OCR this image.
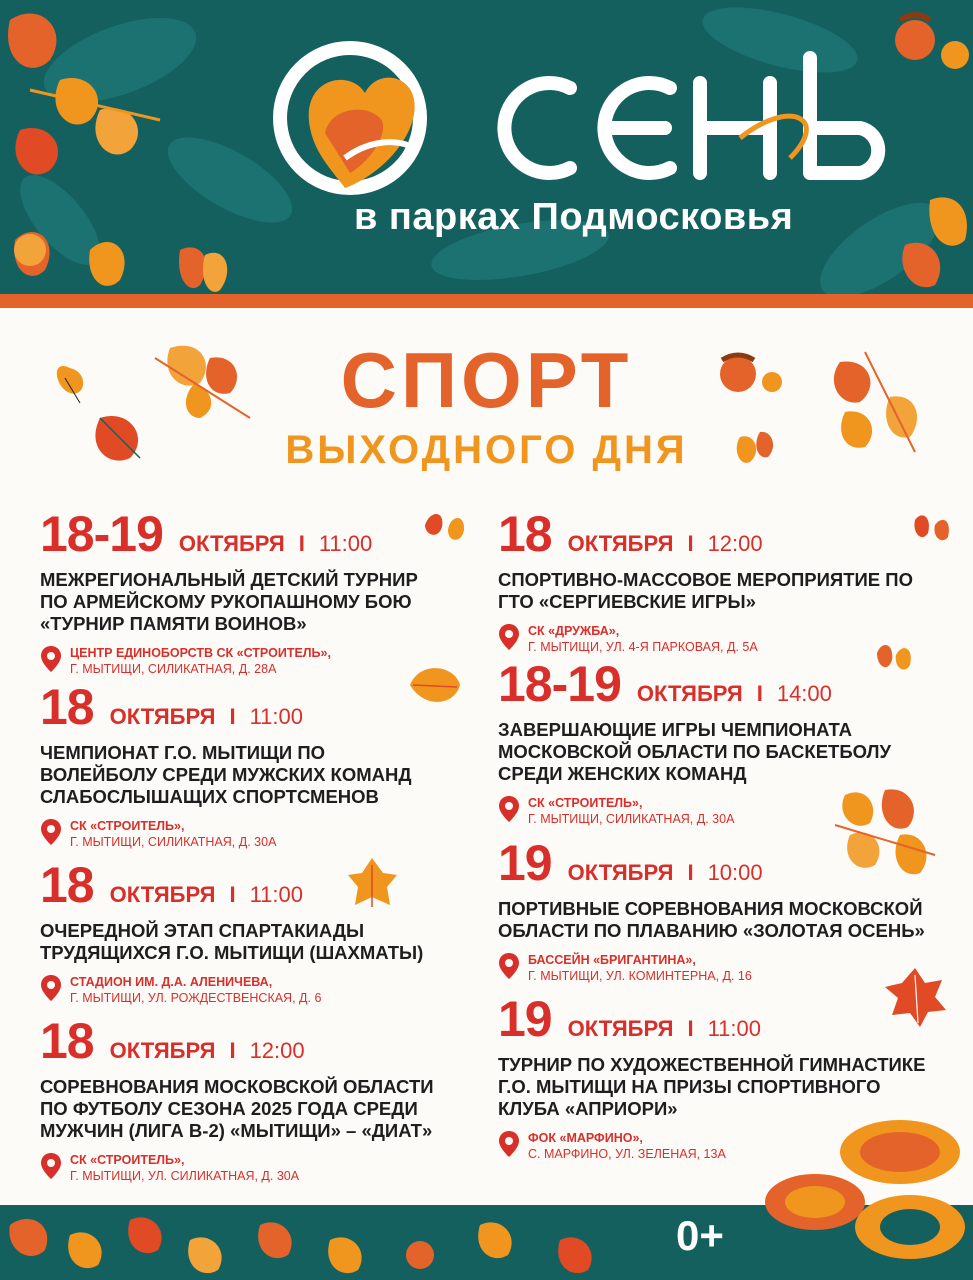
в парках Подмосковья
СПОРТ
ВЫХОДНОГО ДНЯ
18-19 ОКТЯБРЯ I 11:00
МЕЖРЕГИОНАЛЬНЫЙ ДЕТСКИЙ ТУРНИР
ПО АРМЕЙСКОМУ РУКОПАШНОМУ БОЮ
«ТУРНИР ПАМЯТИ ВОИНОВ»
ЦЕНТР ЕДИНОБОРСТВ СК «СТРОИТЕЛЬ»,
Г. МЫТИЩИ, СИЛИКАТНАЯ, Д. 28А
18 ОКТЯБРЯ I 11:00
ЧЕМПИОНАТ Г.О. МЫТИЩИ ПО
ВОЛЕЙБОЛУ СРЕДИ МУЖСКИХ КОМАНД
СЛАБОСЛЫШАЩИХ СПОРТСМЕНОВ
СК «СТРОИТЕЛЬ»,
Г. МЫТИЩИ, СИЛИКАТНАЯ, Д. 30А
18 ОКТЯБРЯ I 11:00
ОЧЕРЕДНОЙ ЭТАП СПАРТАКИАДЫ
ТРУДЯЩИХСЯ Г.О. МЫТИЩИ (ШАХМАТЫ)
СТАДИОН ИМ. Д.А. АЛЕНИЧЕВА,
Г. МЫТИЩИ, УЛ. РОЖДЕСТВЕНСКАЯ, Д. 6
18 ОКТЯБРЯ I 12:00
СОРЕВНОВАНИЯ МОСКОВСКОЙ ОБЛАСТИ
ПО ФУТБОЛУ СЕЗОНА 2025 ГОДА СРЕДИ
МУЖЧИН (ЛИГА В-2) «МЫТИЩИ» – «ДИАТ»
СК «СТРОИТЕЛЬ»,
Г. МЫТИЩИ, УЛ. СИЛИКАТНАЯ, Д. 30А
18 ОКТЯБРЯ I 12:00
СПОРТИВНО-МАССОВОЕ МЕРОПРИЯТИЕ ПО
ГТО «СЕРГИЕВСКИЕ ИГРЫ»
СК «ДРУЖБА»,
Г. МЫТИЩИ, УЛ. 4-Я ПАРКОВАЯ, Д. 5А
18-19 ОКТЯБРЯ I 14:00
ЗАВЕРШАЮЩИЕ ИГРЫ ЧЕМПИОНАТА
МОСКОВСКОЙ ОБЛАСТИ ПО БАСКЕТБОЛУ
СРЕДИ ЖЕНСКИХ КОМАНД
СК «СТРОИТЕЛЬ»,
Г. МЫТИЩИ, СИЛИКАТНАЯ, Д. 30А
19 ОКТЯБРЯ I 10:00
ПОРТИВНЫЕ СОРЕВНОВАНИЯ МОСКОВСКОЙ
ОБЛАСТИ ПО ПЛАВАНИЮ «ЗОЛОТАЯ ОСЕНЬ»
БАССЕЙН «БРИГАНТИНА»,
Г. МЫТИЩИ, УЛ. КОМИНТЕРНА, Д. 16
19 ОКТЯБРЯ I 11:00
ТУРНИР ПО ХУДОЖЕСТВЕННОЙ ГИМНАСТИКЕ
Г.О. МЫТИЩИ НА ПРИЗЫ СПОРТИВНОГО
КЛУБА «АПРИОРИ»
ФОК «МАРФИНО»,
С. МАРФИНО, УЛ. ЗЕЛЕНАЯ, 13А
0+
